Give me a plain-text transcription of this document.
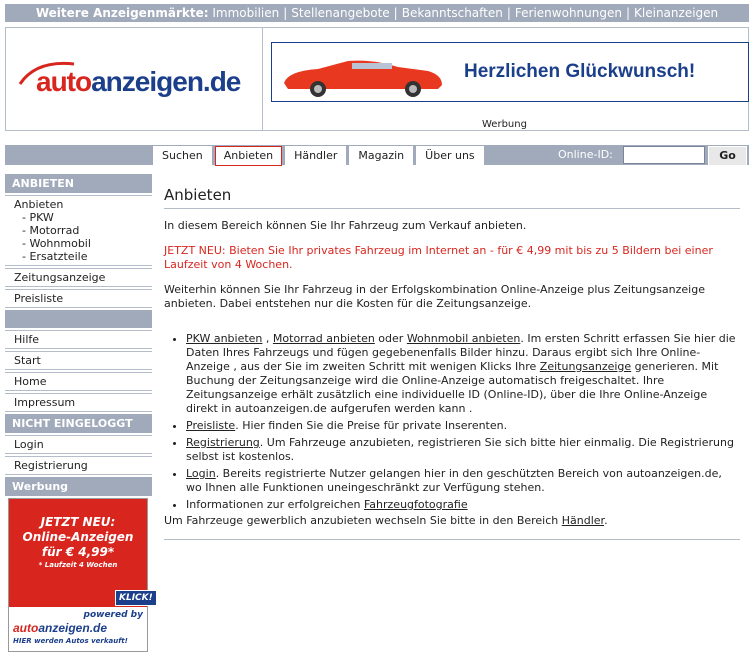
Weitere Anzeigenmärkte: Immobilien | Stellenangebote | Bekanntschaften | Ferienwohnungen | Kleinanzeigen
autoanzeigen.de	Herzlichen Glückwunsch!
Werbung
Suchen	Anbieten	Händler	Magazin	Über uns	Online-ID:	Go
ANBIETEN
Anbieten
- PKW
- Motorrad
- Wohnmobil
- Ersatzteile
Zeitungsanzeige
Preisliste
Hilfe
Start
Home
Impressum
NICHT EINGELOGGT
Login
Registrierung
Werbung
JETZT NEU:
Online-Anzeigen
für € 4,99*
* Laufzeit 4 Wochen
KLICK!
powered by
autoanzeigen.de
HIER werden Autos verkauft!
Anbieten
In diesem Bereich können Sie Ihr Fahrzeug zum Verkauf anbieten.
JETZT NEU: Bieten Sie Ihr privates Fahrzeug im Internet an - für € 4,99 mit bis zu 5 Bildern bei einer Laufzeit von 4 Wochen.
Weiterhin können Sie Ihr Fahrzeug in der Erfolgskombination Online-Anzeige plus Zeitungsanzeige anbieten. Dabei entstehen nur die Kosten für die Zeitungsanzeige.
• PKW anbieten , Motorrad anbieten oder Wohnmobil anbieten. Im ersten Schritt erfassen Sie hier die Daten Ihres Fahrzeugs und fügen gegebenenfalls Bilder hinzu. Daraus ergibt sich Ihre Online-Anzeige , aus der Sie im zweiten Schritt mit wenigen Klicks Ihre Zeitungsanzeige generieren. Mit Buchung der Zeitungsanzeige wird die Online-Anzeige automatisch freigeschaltet. Ihre Zeitungsanzeige erhält zusätzlich eine individuelle ID (Online-ID), über die Ihre Online-Anzeige direkt in autoanzeigen.de aufgerufen werden kann .
• Preisliste. Hier finden Sie die Preise für private Inserenten.
• Registrierung. Um Fahrzeuge anzubieten, registrieren Sie sich bitte hier einmalig. Die Registrierung selbst ist kostenlos.
• Login. Bereits registrierte Nutzer gelangen hier in den geschützten Bereich von autoanzeigen.de, wo Ihnen alle Funktionen uneingeschränkt zur Verfügung stehen.
• Informationen zur erfolgreichen Fahrzeugfotografie
Um Fahrzeuge gewerblich anzubieten wechseln Sie bitte in den Bereich Händler.
